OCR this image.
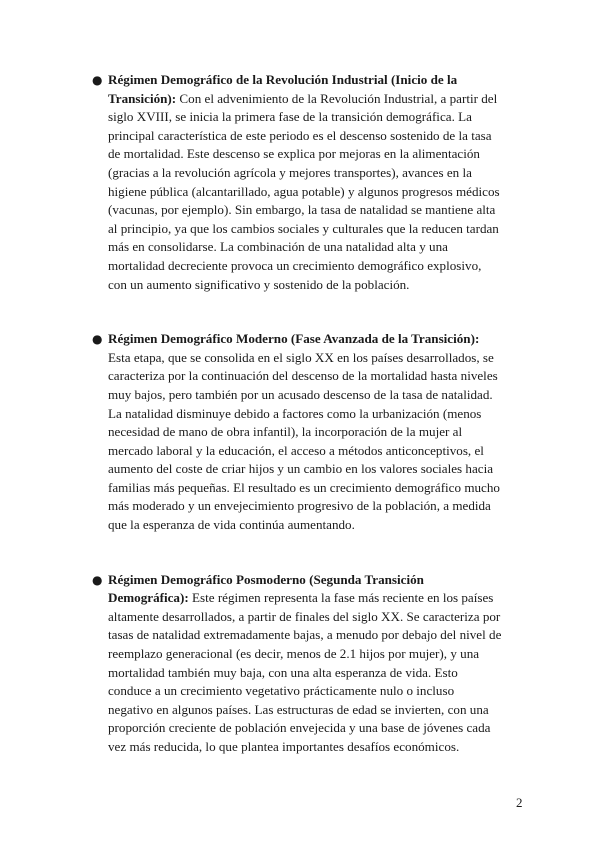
● Régimen Demográfico de la Revolución Industrial (Inicio de la Transición): Con el advenimiento de la Revolución Industrial, a partir del siglo XVIII, se inicia la primera fase de la transición demográfica. La principal característica de este periodo es el descenso sostenido de la tasa de mortalidad. Este descenso se explica por mejoras en la alimentación (gracias a la revolución agrícola y mejores transportes), avances en la higiene pública (alcantarillado, agua potable) y algunos progresos médicos (vacunas, por ejemplo). Sin embargo, la tasa de natalidad se mantiene alta al principio, ya que los cambios sociales y culturales que la reducen tardan más en consolidarse. La combinación de una natalidad alta y una mortalidad decreciente provoca un crecimiento demográfico explosivo, con un aumento significativo y sostenido de la población.
● Régimen Demográfico Moderno (Fase Avanzada de la Transición): Esta etapa, que se consolida en el siglo XX en los países desarrollados, se caracteriza por la continuación del descenso de la mortalidad hasta niveles muy bajos, pero también por un acusado descenso de la tasa de natalidad. La natalidad disminuye debido a factores como la urbanización (menos necesidad de mano de obra infantil), la incorporación de la mujer al mercado laboral y la educación, el acceso a métodos anticonceptivos, el aumento del coste de criar hijos y un cambio en los valores sociales hacia familias más pequeñas. El resultado es un crecimiento demográfico mucho más moderado y un envejecimiento progresivo de la población, a medida que la esperanza de vida continúa aumentando.
● Régimen Demográfico Posmoderno (Segunda Transición Demográfica): Este régimen representa la fase más reciente en los países altamente desarrollados, a partir de finales del siglo XX. Se caracteriza por tasas de natalidad extremadamente bajas, a menudo por debajo del nivel de reemplazo generacional (es decir, menos de 2.1 hijos por mujer), y una mortalidad también muy baja, con una alta esperanza de vida. Esto conduce a un crecimiento vegetativo prácticamente nulo o incluso negativo en algunos países. Las estructuras de edad se invierten, con una proporción creciente de población envejecida y una base de jóvenes cada vez más reducida, lo que plantea importantes desafíos económicos.
2
